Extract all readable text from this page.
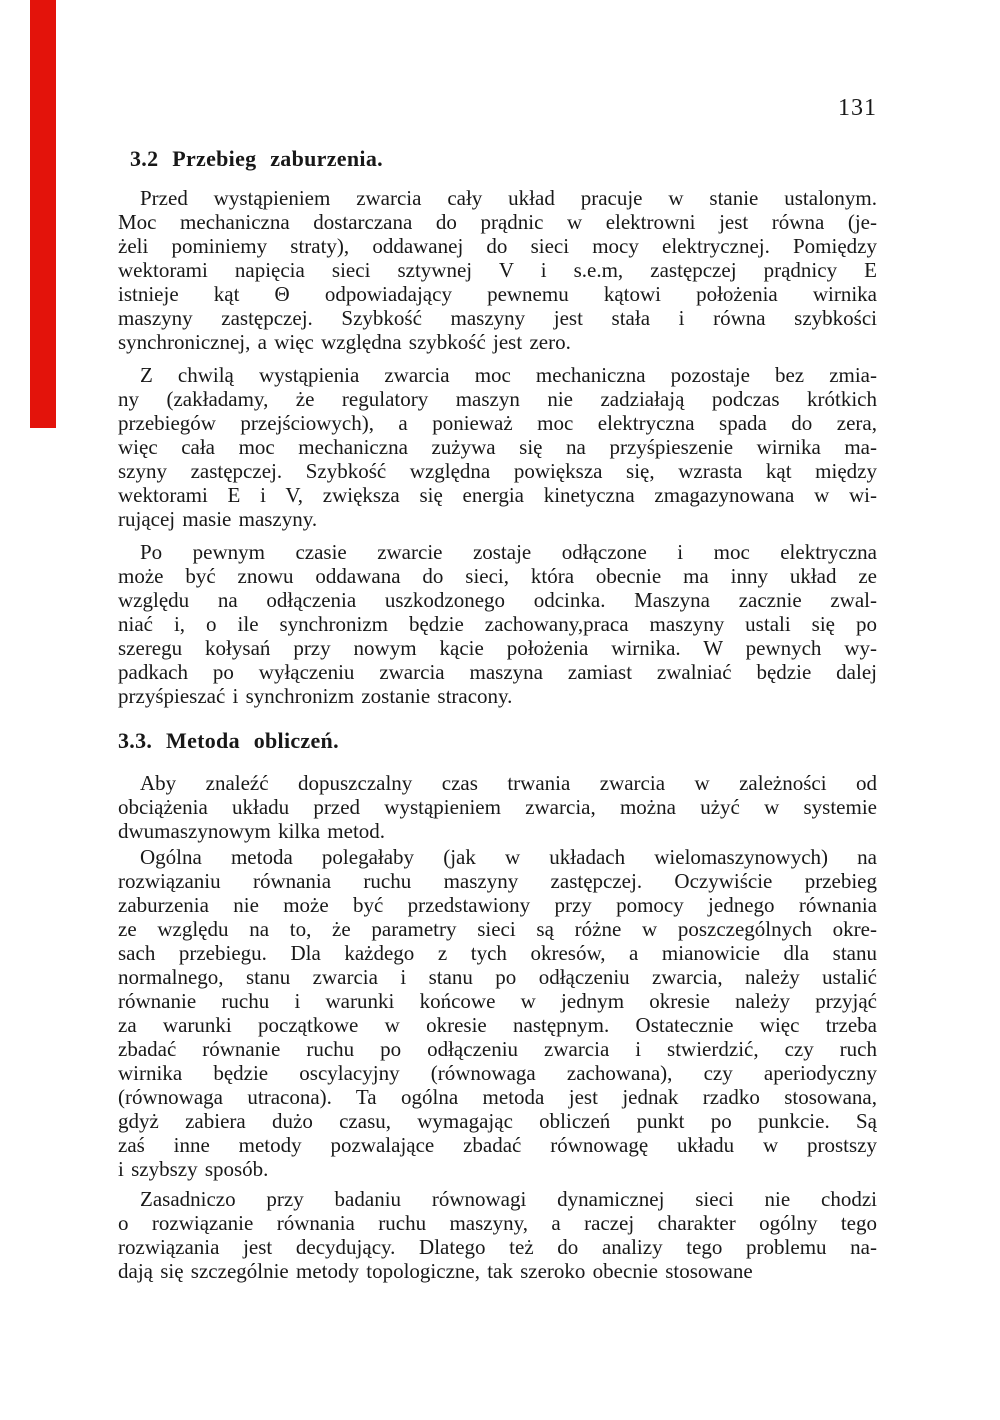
131
3.2 Przebieg zaburzenia.
Przed wystąpieniem zwarcia cały układ pracuje w stanie ustalonym.
Moc mechaniczna dostarczana do prądnic w elektrowni jest równa (je-
żeli pominiemy straty), oddawanej do sieci mocy elektrycznej. Pomiędzy
wektorami napięcia sieci sztywnej V i s.e.m, zastępczej prądnicy E
istnieje kąt Θ odpowiadający pewnemu kątowi położenia wirnika
maszyny zastępczej. Szybkość maszyny jest stała i równa szybkości
synchronicznej, a więc względna szybkość jest zero.
Z chwilą wystąpienia zwarcia moc mechaniczna pozostaje bez zmia-
ny (zakładamy, że regulatory maszyn nie zadziałają podczas krótkich
przebiegów przejściowych), a ponieważ moc elektryczna spada do zera,
więc cała moc mechaniczna zużywa się na przyśpieszenie wirnika ma-
szyny zastępczej. Szybkość względna powiększa się, wzrasta kąt między
wektorami E i V, zwiększa się energia kinetyczna zmagazynowana w wi-
rującej masie maszyny.
Po pewnym czasie zwarcie zostaje odłączone i moc elektryczna
może być znowu oddawana do sieci, która obecnie ma inny układ ze
względu na odłączenia uszkodzonego odcinka. Maszyna zacznie zwal-
niać i, o ile synchronizm będzie zachowany,praca maszyny ustali się po
szeregu kołysań przy nowym kącie położenia wirnika. W pewnych wy-
padkach po wyłączeniu zwarcia maszyna zamiast zwalniać będzie dalej
przyśpieszać i synchronizm zostanie stracony.
3.3. Metoda obliczeń.
Aby znaleźć dopuszczalny czas trwania zwarcia w zależności od
obciążenia układu przed wystąpieniem zwarcia, można użyć w systemie
dwumaszynowym kilka metod.
Ogólna metoda polegałaby (jak w układach wielomaszynowych) na
rozwiązaniu równania ruchu maszyny zastępczej. Oczywiście przebieg
zaburzenia nie może być przedstawiony przy pomocy jednego równania
ze względu na to, że parametry sieci są różne w poszczególnych okre-
sach przebiegu. Dla każdego z tych okresów, a mianowicie dla stanu
normalnego, stanu zwarcia i stanu po odłączeniu zwarcia, należy ustalić
równanie ruchu i warunki końcowe w jednym okresie należy przyjąć
za warunki początkowe w okresie następnym. Ostatecznie więc trzeba
zbadać równanie ruchu po odłączeniu zwarcia i stwierdzić, czy ruch
wirnika będzie oscylacyjny (równowaga zachowana), czy aperiodyczny
(równowaga utracona). Ta ogólna metoda jest jednak rzadko stosowana,
gdyż zabiera dużo czasu, wymagając obliczeń punkt po punkcie. Są
zaś inne metody pozwalające zbadać równowagę układu w prostszy
i szybszy sposób.
Zasadniczo przy badaniu równowagi dynamicznej sieci nie chodzi
o rozwiązanie równania ruchu maszyny, a raczej charakter ogólny tego
rozwiązania jest decydujący. Dlatego też do analizy tego problemu na-
dają się szczególnie metody topologiczne, tak szeroko obecnie stosowane
